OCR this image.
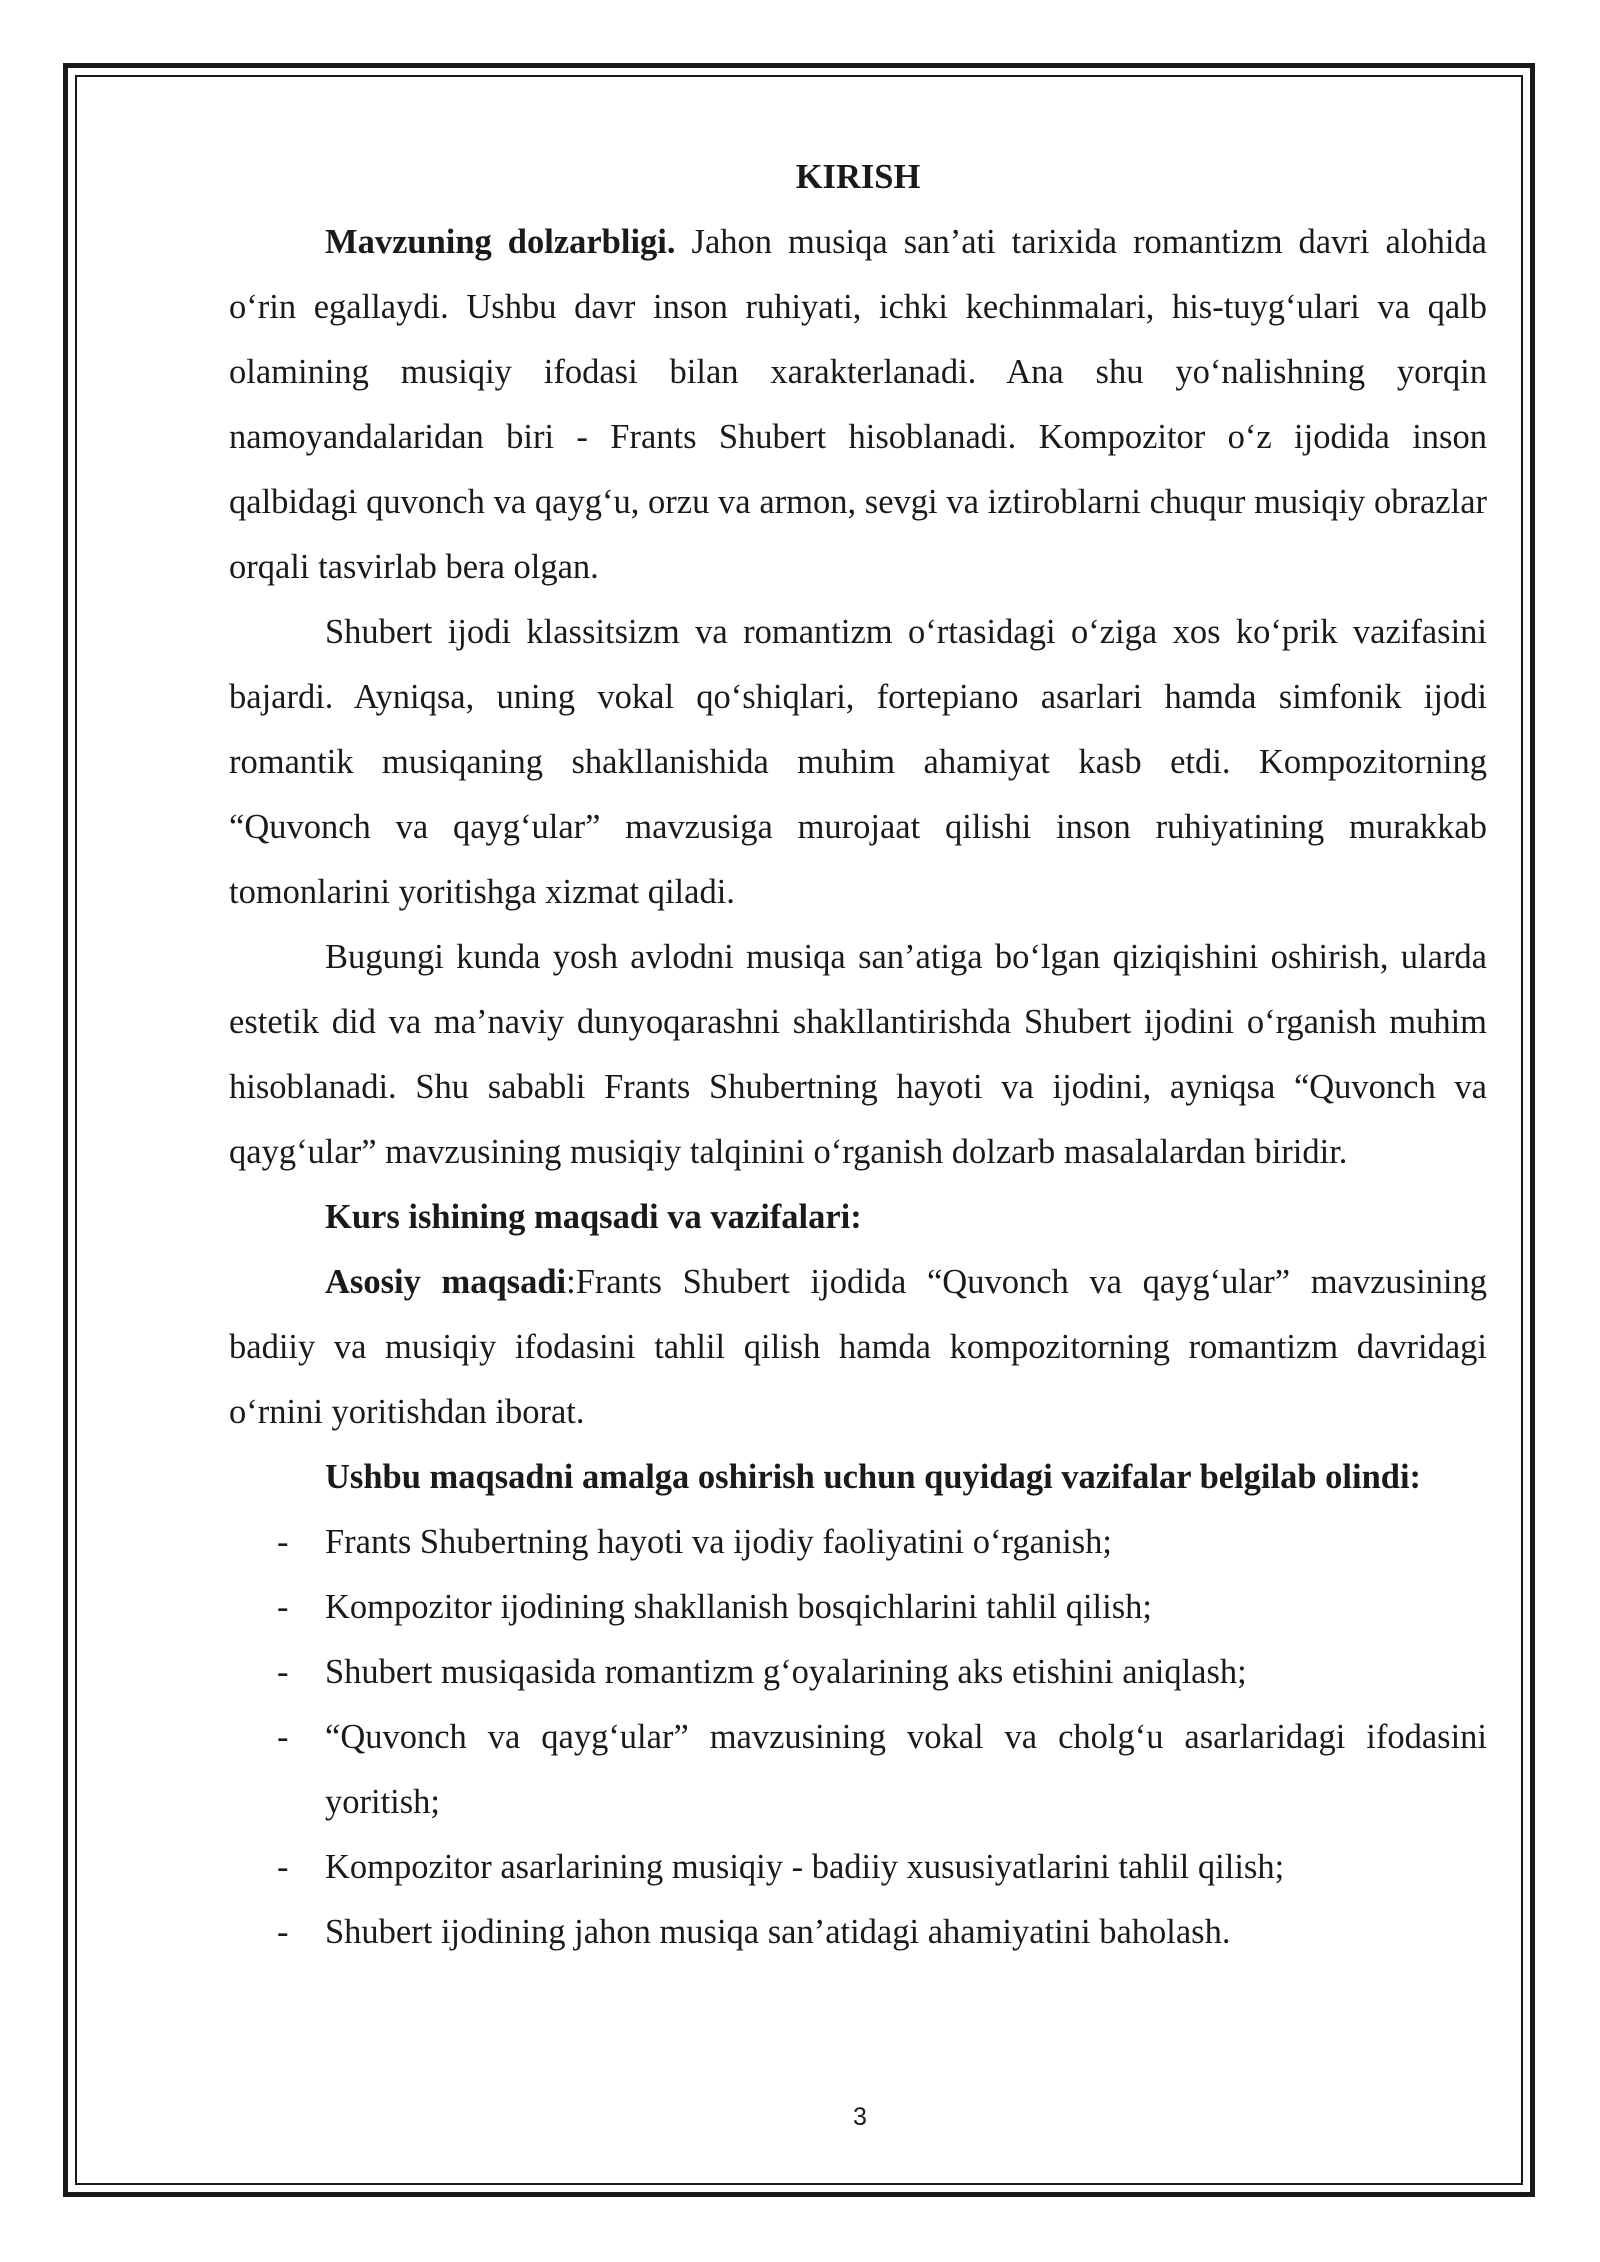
KIRISH

Mavzuning dolzarbligi. Jahon musiqa san’ati tarixida romantizm davri alohida o‘rin egallaydi. Ushbu davr inson ruhiyati, ichki kechinmalari, his-tuyg‘ulari va qalb olamining musiqiy ifodasi bilan xarakterlanadi. Ana shu yo‘nalishning yorqin namoyandalaridan biri - Frants Shubert hisoblanadi. Kompozitor o‘z ijodida inson qalbidagi quvonch va qayg‘u, orzu va armon, sevgi va iztiroblarni chuqur musiqiy obrazlar orqali tasvirlab bera olgan.

Shubert ijodi klassitsizm va romantizm o‘rtasidagi o‘ziga xos ko‘prik vazifasini bajardi. Ayniqsa, uning vokal qo‘shiqlari, fortepiano asarlari hamda simfonik ijodi romantik musiqaning shakllanishida muhim ahamiyat kasb etdi. Kompozitorning “Quvonch va qayg‘ular” mavzusiga murojaat qilishi inson ruhiyatining murakkab tomonlarini yoritishga xizmat qiladi.

Bugungi kunda yosh avlodni musiqa san’atiga bo‘lgan qiziqishini oshirish, ularda estetik did va ma’naviy dunyoqarashni shakllantirishda Shubert ijodini o‘rganish muhim hisoblanadi. Shu sababli Frants Shubertning hayoti va ijodini, ayniqsa “Quvonch va qayg‘ular” mavzusining musiqiy talqinini o‘rganish dolzarb masalalardan biridir.

Kurs ishining maqsadi va vazifalari:

Asosiy maqsadi:Frants Shubert ijodida “Quvonch va qayg‘ular” mavzusining badiiy va musiqiy ifodasini tahlil qilish hamda kompozitorning romantizm davridagi o‘rnini yoritishdan iborat.

Ushbu maqsadni amalga oshirish uchun quyidagi vazifalar belgilab olindi:

- Frants Shubertning hayoti va ijodiy faoliyatini o‘rganish;
- Kompozitor ijodining shakllanish bosqichlarini tahlil qilish;
- Shubert musiqasida romantizm g‘oyalarining aks etishini aniqlash;
- “Quvonch va qayg‘ular” mavzusining vokal va cholg‘u asarlaridagi ifodasini yoritish;
- Kompozitor asarlarining musiqiy - badiiy xususiyatlarini tahlil qilish;
- Shubert ijodining jahon musiqa san’atidagi ahamiyatini baholash.
3
